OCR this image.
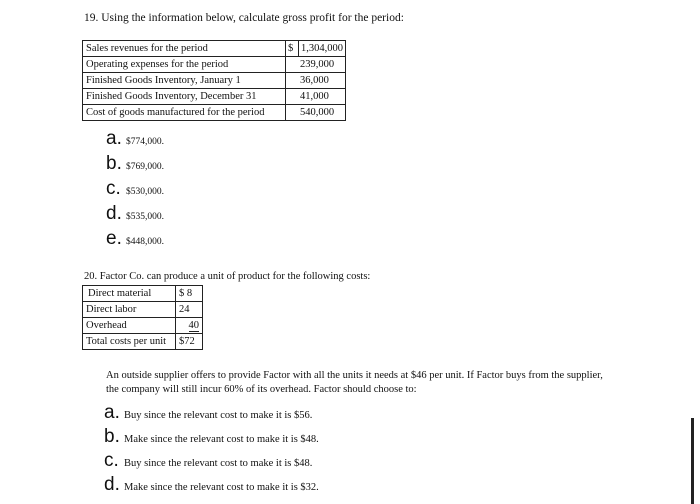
19. Using the information below, calculate gross profit for the period:
Sales revenues for the period	$ 1,304,000
Operating expenses for the period	239,000
Finished Goods Inventory, January 1	36,000
Finished Goods Inventory, December 31	41,000
Cost of goods manufactured for the period	540,000
a. $774,000.
b. $769,000.
c. $530,000.
d. $535,000.
e. $448,000.
20. Factor Co. can produce a unit of product for the following costs:
Direct material	$ 8
Direct labor	24
Overhead	40
Total costs per unit	$72
An outside supplier offers to provide Factor with all the units it needs at $46 per unit. If Factor buys from the supplier, the company will still incur 60% of its overhead. Factor should choose to:
a. Buy since the relevant cost to make it is $56.
b. Make since the relevant cost to make it is $48.
c. Buy since the relevant cost to make it is $48.
d. Make since the relevant cost to make it is $32.
